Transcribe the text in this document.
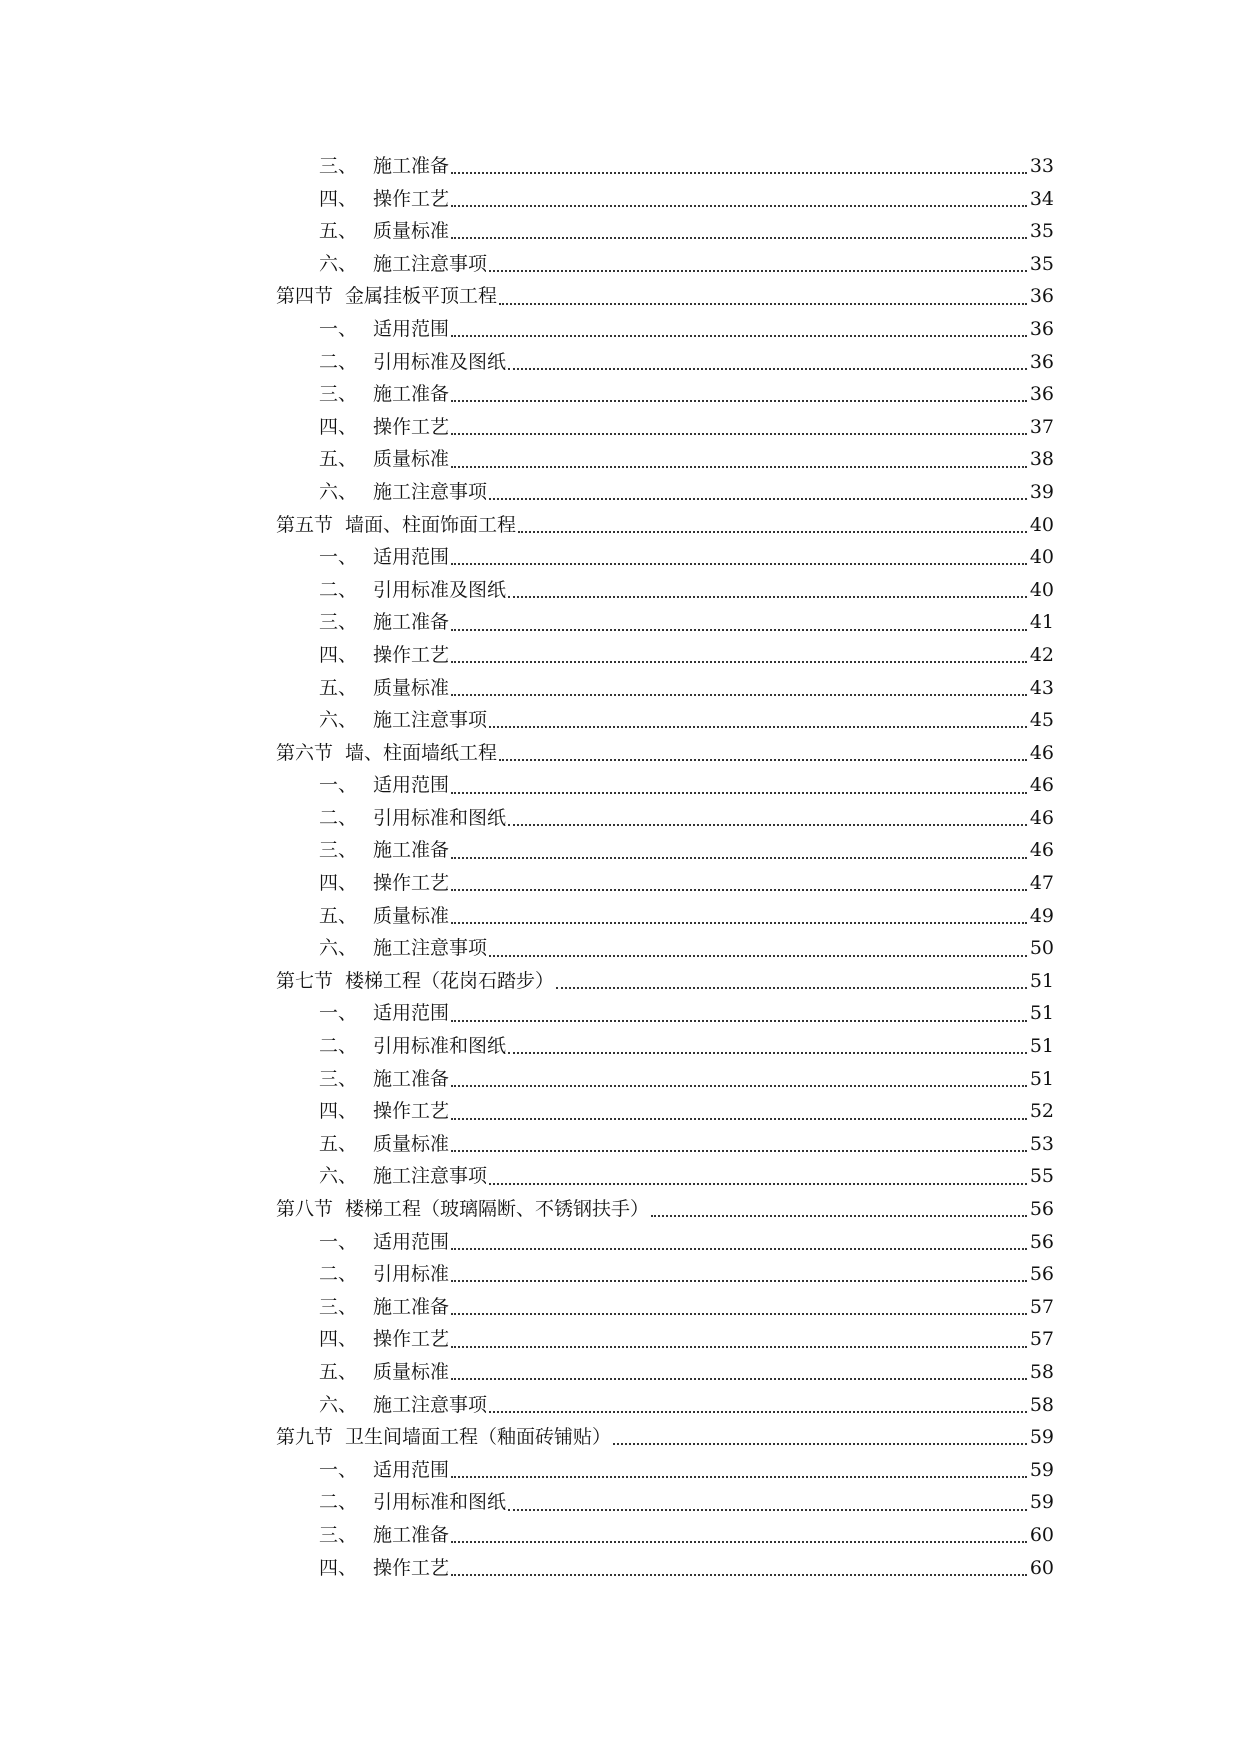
三、 施工准备	33
四、 操作工艺	34
五、 质量标准	35
六、 施工注意事项	35
第四节 金属挂板平顶工程	36
一、 适用范围	36
二、 引用标准及图纸	36
三、 施工准备	36
四、 操作工艺	37
五、 质量标准	38
六、 施工注意事项	39
第五节 墙面、柱面饰面工程	40
一、 适用范围	40
二、 引用标准及图纸	40
三、 施工准备	41
四、 操作工艺	42
五、 质量标准	43
六、 施工注意事项	45
第六节 墙、柱面墙纸工程	46
一、 适用范围	46
二、 引用标准和图纸	46
三、 施工准备	46
四、 操作工艺	47
五、 质量标准	49
六、 施工注意事项	50
第七节 楼梯工程（花岗石踏步）	51
一、 适用范围	51
二、 引用标准和图纸	51
三、 施工准备	51
四、 操作工艺	52
五、 质量标准	53
六、 施工注意事项	55
第八节 楼梯工程（玻璃隔断、不锈钢扶手）	56
一、 适用范围	56
二、 引用标准	56
三、 施工准备	57
四、 操作工艺	57
五、 质量标准	58
六、 施工注意事项	58
第九节 卫生间墙面工程（釉面砖铺贴）	59
一、 适用范围	59
二、 引用标准和图纸	59
三、 施工准备	60
四、 操作工艺	60
